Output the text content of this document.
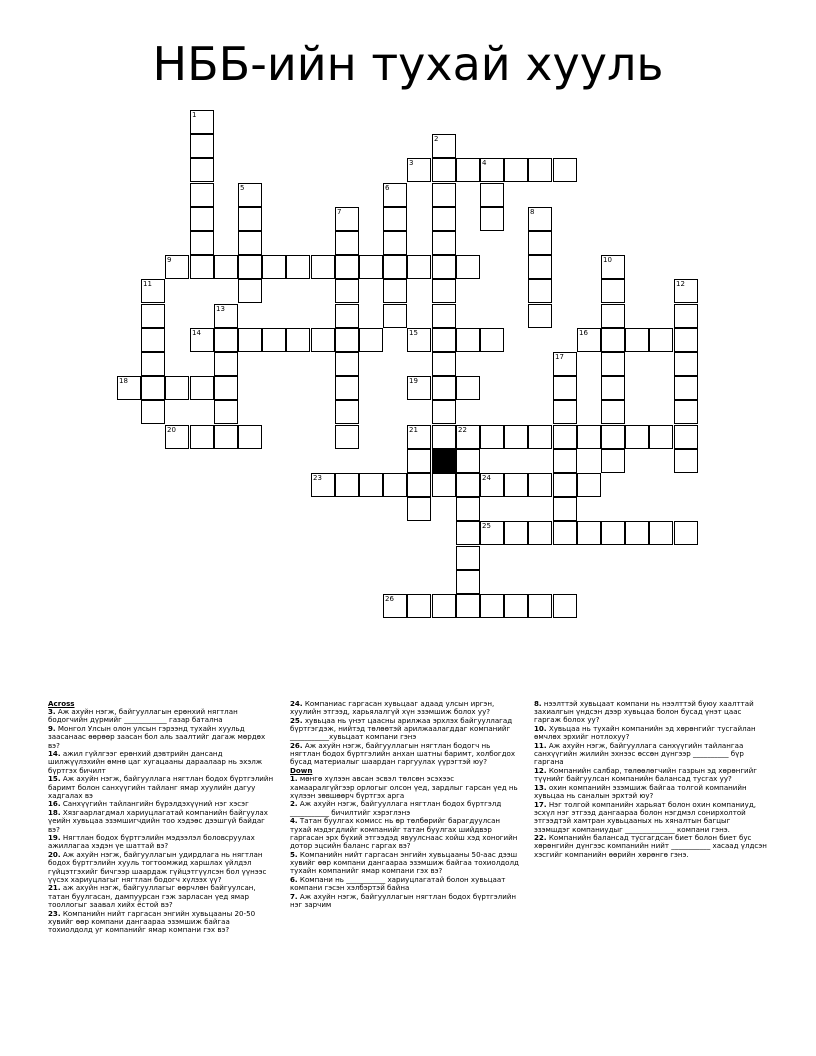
НББ-ийн тухай хууль
1
2
3	4
5	6
7	8
9	10
11	12
13
14	15	16
17
18	19
20	21	22
23	24
25
26
Across
3. Аж ахуйн нэгж, байгууллагын ерөнхий нягтлан бодогчийн дүрмийг ____________ газар батална
9. Монгол Улсын олон улсын гэрээнд тухайн хуульд заасанаас өөрөөр заасан бол аль заалтийг дагаж мөрдөх вэ?
14. ажил гүйлгээг ерөнхий дэвтрийн дансанд шилжүүлэхийн өмнө цаг хугацааны дараалаар нь эхэлж бүртгэх бичилт
15. Аж ахуйн нэгж, байгууллага нягтлан бодох бүртгэлийн баримт болон санхүүгийн тайланг ямар хуулийн дагуу хадгалах вэ
16. Санхүүгийн тайлангийн бүрэлдэхүүний нэг хэсэг
18. Хязгаарлагдмал хариуцлагатай компанийн байгуулах үеийн хувьцаа эзэмшигчдийн тоо хэдэөс дээшгүй байдаг вэ?
19. Нягтлан бодох бүртгэлийн мэдээлэл боловсруулах ажиллагаа хэдэн үе шаттай вэ?
20. Аж ахуйн нэгж, байгууллагын удирдлага нь нягтлан бодох бүртгэлийн хууль тогтоомжид харшлах үйлдэл гүйцэтгэхийг бичгээр шаардаж гүйцэтгүүлсэн бол үүнээс үүсэх хариуцлагыг нягтлан бодогч хүлээх үү?
21. аж ахуйн нэгж, байгууллагыг өөрчлөн байгуулсан, татан буулгасан, дампуурсан гэж зарласан үед ямар тооллогыг заавал хийх ёстой вэ?
23. Компанийн нийт гаргасан энгийн хувьцааны 20-50 хувийг өөр компани дангаараа эзэмшиж байгаа тохиолдолд уг компанийг ямар компани гэх вэ?
24. Компаниас гаргасан хувьцааг адаад улсын иргэн, хуулийн этгээд, харьялалгүй хүн эзэмшиж болох уу?
25. хувьцаа нь үнэт цаасны арилжаа эрхлэх байгууллагад бүртгэгдэж, нийтэд төлөөтэй арилжаалагддаг компанийг ___________хувьцаат компани гэнэ
26. Аж ахуйн нэгж, байгууллагын нягтлан бодогч нь нягтлан бодох бүртгэлийн анхан шатны баримт, холбогдох бусад материалыг шаардан гаргуулах үүрэгтэй юу?
Down
1. мөнгө хүлээн авсан эсвэл төлсөн эсэхээс хамааралгүйгээр орлогыг олсон үед, зардлыг гарсан үед нь хүлээн зөвшөөрч бүртгэх арга
2. Аж ахуйн нэгж, байгууллага нягтлан бодох бүртгэлд ___________ бичилтийг хэрэглэнэ
4. Татан буулгах комисс нь өр төлбөрийг барагдуулсан тухай мэдэгдлийг компанийг татан буулгах шийдвэр гаргасан эрх бүхий этгээдэд явуулснаас хойш хэд хоногийн дотор эцсийн баланс гаргах вэ?
5. Компанийн нийт гаргасан энгийн хувьцааны 50-аас дээш хувийг өөр компани дангаараа эзэмшиж байгаа тохиолдолд тухайн компанийг ямар компани гэх вэ?
6. Компани нь ___________ хариуцлагатай болон хувьцаат компани гэсэн хэлбэртэй байна
7. Аж ахуйн нэгж, байгууллагын нягтлан бодох бүртгэлийн нэг зарчим
8. нээлттэй хувьцаат компани нь нээлттэй буюу хаалттай захиалгын үндсэн дээр хувьцаа болон бусад үнэт цаас гаргаж болох уу?
10. Хувьцаа нь тухайн компанийн эд хөрөнгийг тусгайлан өмчлөх эрхийг нотлохуу?
11. Аж ахуйн нэгж, байгууллага санхүүгийн тайлангаа санхүүгийн жилийн эхнээс өссөн дүнгээр __________ бүр гаргана
12. Компанийн салбар, төлөөлөгчийн газрын эд хөрөнгийг түүнийг байгуулсан компанийн балансад тусгах уу?
13. охин компанийн эзэмшиж байгаа толгой компанийн хувьцаа нь саналын эрхтэй юу?
17. Нэг толгой компанийн харьяат болон охин компаниуд, эсхүл нэг этгээд дангаараа болон нэгдмэл сонирхолтой этгээдтэй хамтран хувьцааных нь хяналтын багцыг эзэмшдэг компаниудыг ______________ компани гэнэ.
22. Компанийн балансад тусгагдсан биет болон биет бус хөрөнгийн дүнгээс компанийн нийт ___________ хасаад үлдсэн хэсгийг компанийн өөрийн хөрөнгө гэнэ.
